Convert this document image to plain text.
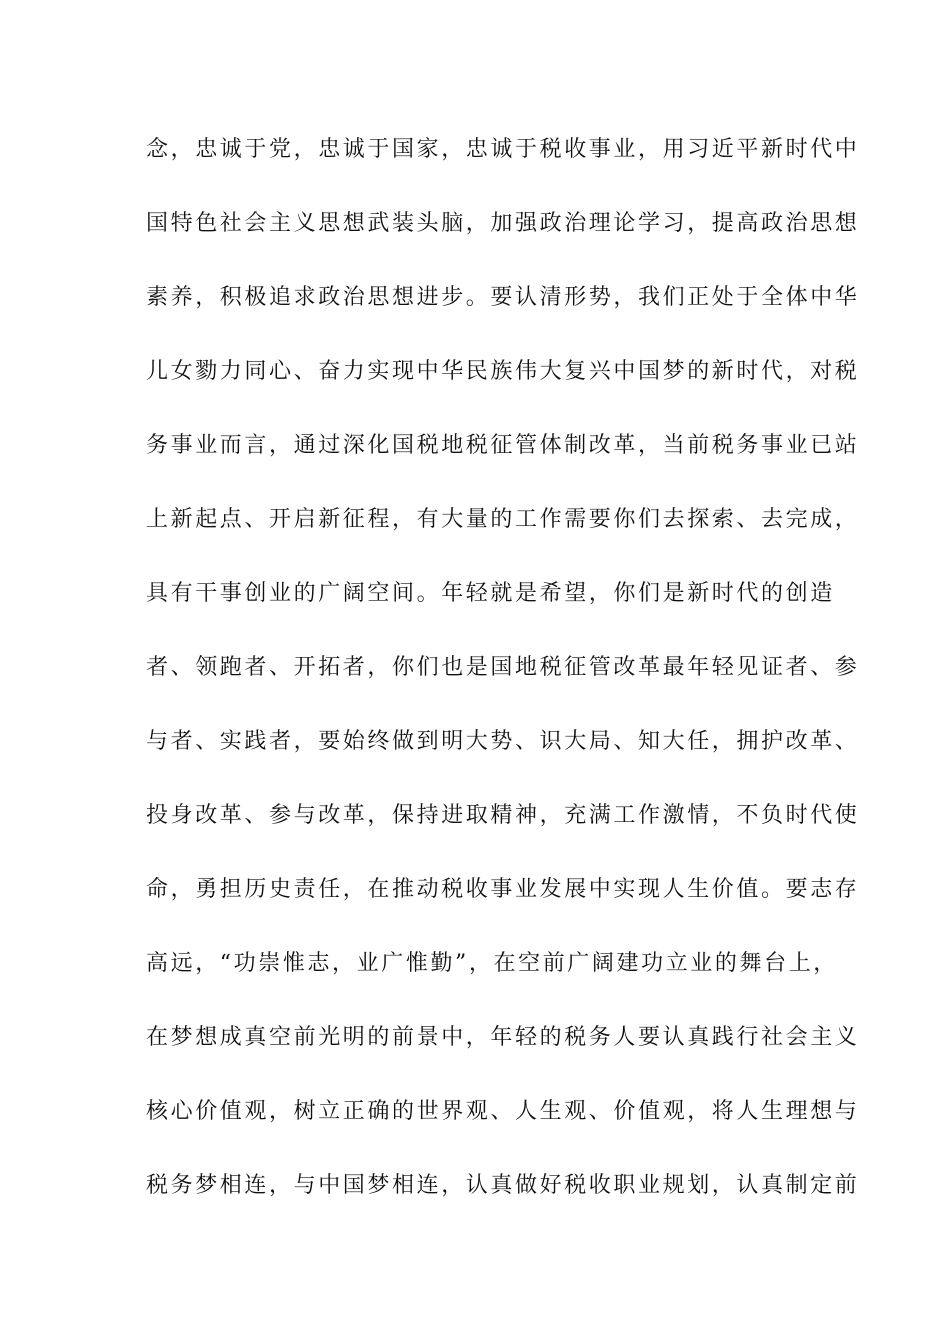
念，忠诚于党，忠诚于国家，忠诚于税收事业，用习近平新时代中
国特色社会主义思想武装头脑，加强政治理论学习，提高政治思想
素养，积极追求政治思想进步。要认清形势，我们正处于全体中华
儿女勠力同心、奋力实现中华民族伟大复兴中国梦的新时代，对税
务事业而言，通过深化国税地税征管体制改革，当前税务事业已站
上新起点、开启新征程，有大量的工作需要你们去探索、去完成，
具有干事创业的广阔空间。年轻就是希望，你们是新时代的创造
者、领跑者、开拓者，你们也是国地税征管改革最年轻见证者、参
与者、实践者，要始终做到明大势、识大局、知大任，拥护改革、
投身改革、参与改革，保持进取精神，充满工作激情，不负时代使
命，勇担历史责任，在推动税收事业发展中实现人生价值。要志存
高远，“功崇惟志，业广惟勤”，在空前广阔建功立业的舞台上，
在梦想成真空前光明的前景中，年轻的税务人要认真践行社会主义
核心价值观，树立正确的世界观、人生观、价值观，将人生理想与
税务梦相连，与中国梦相连，认真做好税收职业规划，认真制定前
